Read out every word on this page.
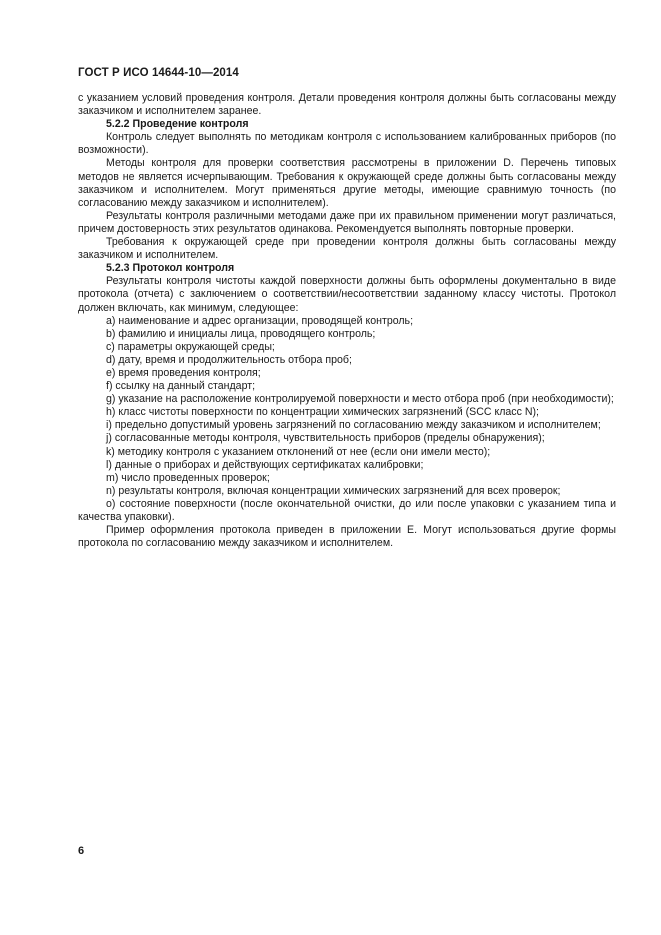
ГОСТ Р ИСО 14644-10—2014

с указанием условий проведения контроля. Детали проведения контроля должны быть согласованы между заказчиком и исполнителем заранее.

5.2.2 Проведение контроля

Контроль следует выполнять по методикам контроля с использованием калиброванных приборов (по возможности).

Методы контроля для проверки соответствия рассмотрены в приложении D. Перечень типовых методов не является исчерпывающим. Требования к окружающей среде должны быть согласованы между заказчиком и исполнителем. Могут применяться другие методы, имеющие сравнимую точность (по согласованию между заказчиком и исполнителем).

Результаты контроля различными методами даже при их правильном применении могут различаться, причем достоверность этих результатов одинакова. Рекомендуется выполнять повторные проверки.

Требования к окружающей среде при проведении контроля должны быть согласованы между заказчиком и исполнителем.

5.2.3 Протокол контроля

Результаты контроля чистоты каждой поверхности должны быть оформлены документально в виде протокола (отчета) с заключением о соответствии/несоответствии заданному классу чистоты. Протокол должен включать, как минимум, следующее:

a) наименование и адрес организации, проводящей контроль;

b) фамилию и инициалы лица, проводящего контроль;

c) параметры окружающей среды;

d) дату, время и продолжительность отбора проб;

e) время проведения контроля;

f) ссылку на данный стандарт;

g) указание на расположение контролируемой поверхности и место отбора проб (при необходимости);

h) класс чистоты поверхности по концентрации химических загрязнений (SCC класс N);

i) предельно допустимый уровень загрязнений по согласованию между заказчиком и исполнителем;

j) согласованные методы контроля, чувствительность приборов (пределы обнаружения);

k) методику контроля с указанием отклонений от нее (если они имели место);

l) данные о приборах и действующих сертификатах калибровки;

m) число проведенных проверок;

n) результаты контроля, включая концентрации химических загрязнений для всех проверок;

o) состояние поверхности (после окончательной очистки, до или после упаковки с указанием типа и качества упаковки).

Пример оформления протокола приведен в приложении Е. Могут использоваться другие формы протокола по согласованию между заказчиком и исполнителем.

6
